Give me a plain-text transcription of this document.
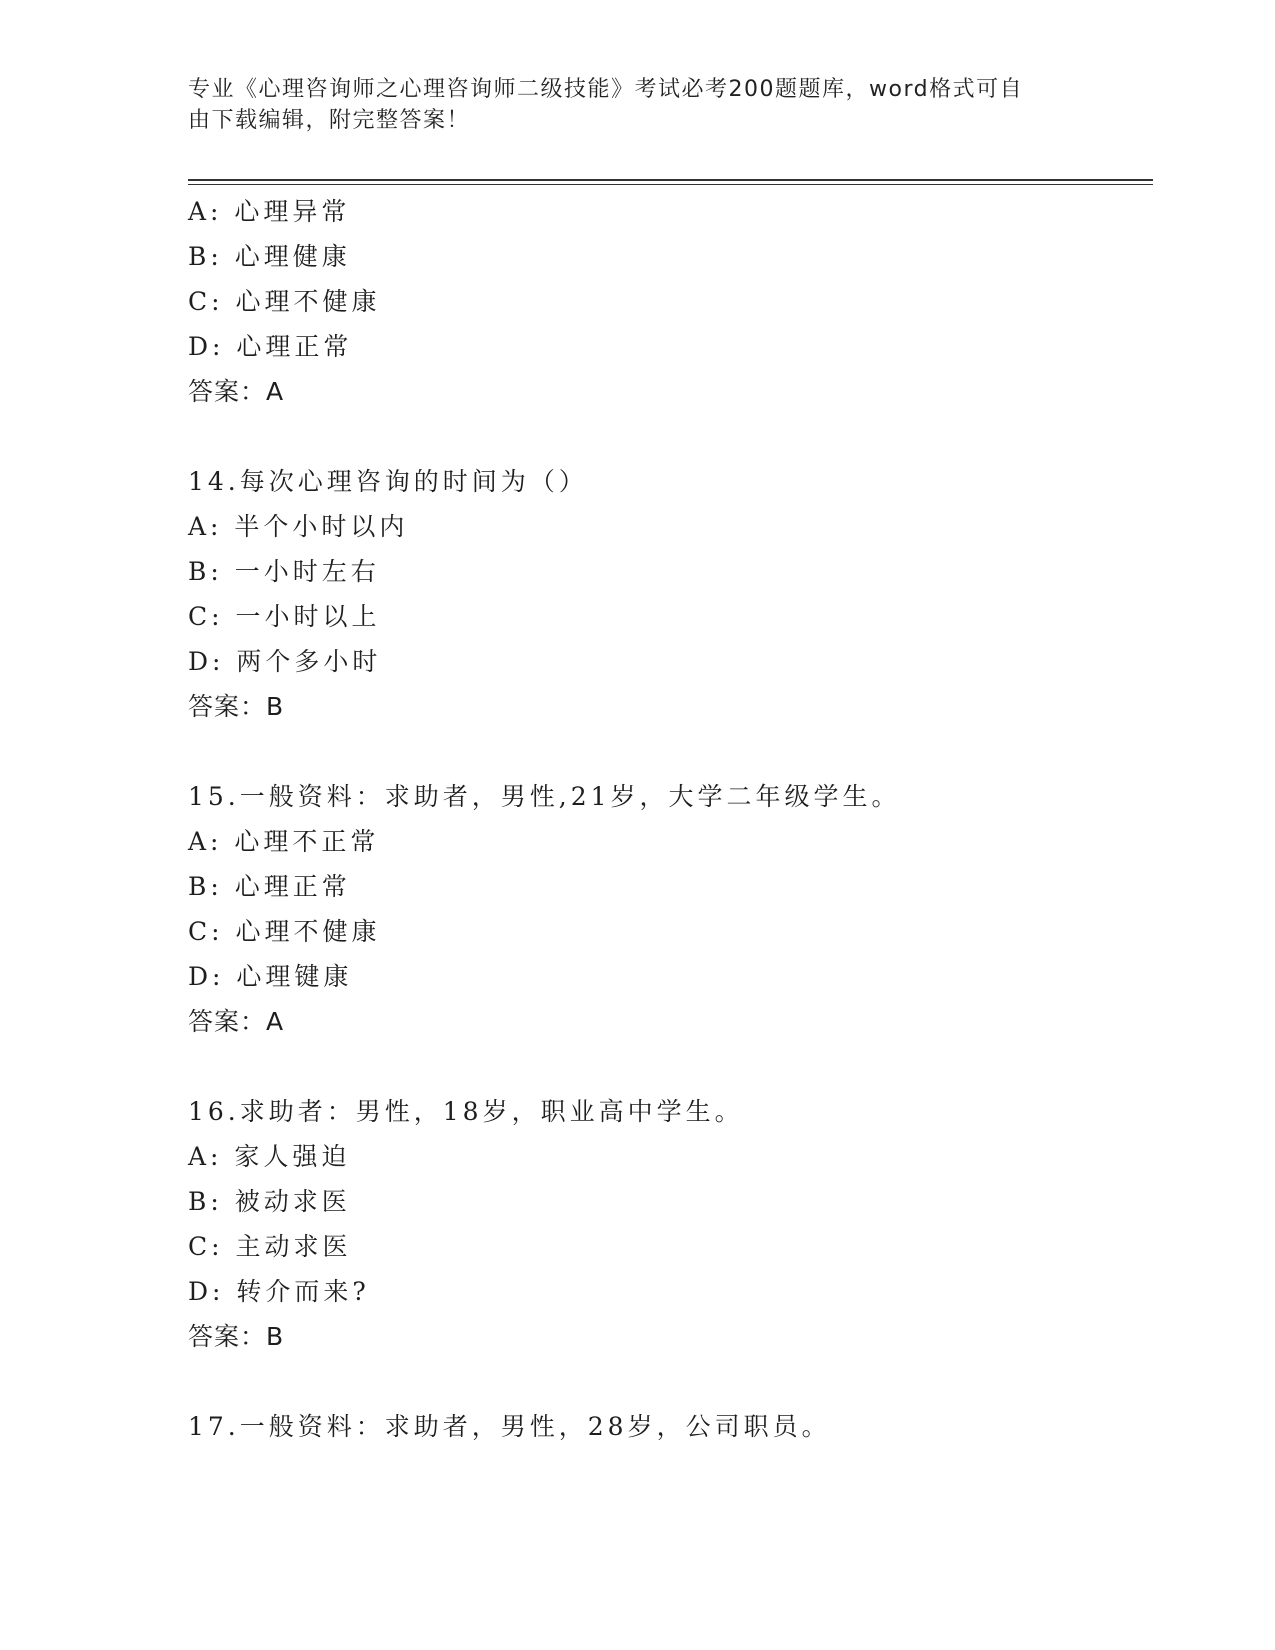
专业《心理咨询师之心理咨询师二级技能》考试必考200题题库，word格式可自
由下载编辑，附完整答案！
A: 心理异常
B: 心理健康
C: 心理不健康
D: 心理正常
答案：A
14.每次心理咨询的时间为（）
A: 半个小时以内
B: 一小时左右
C: 一小时以上
D: 两个多小时
答案：B
15.一般资料：求助者，男性,21岁，大学二年级学生。
A: 心理不正常
B: 心理正常
C: 心理不健康
D: 心理键康
答案：A
16.求助者：男性，18岁，职业高中学生。
A: 家人强迫
B: 被动求医
C: 主动求医
D: 转介而来?
答案：B
17.一般资料：求助者，男性，28岁，公司职员。
